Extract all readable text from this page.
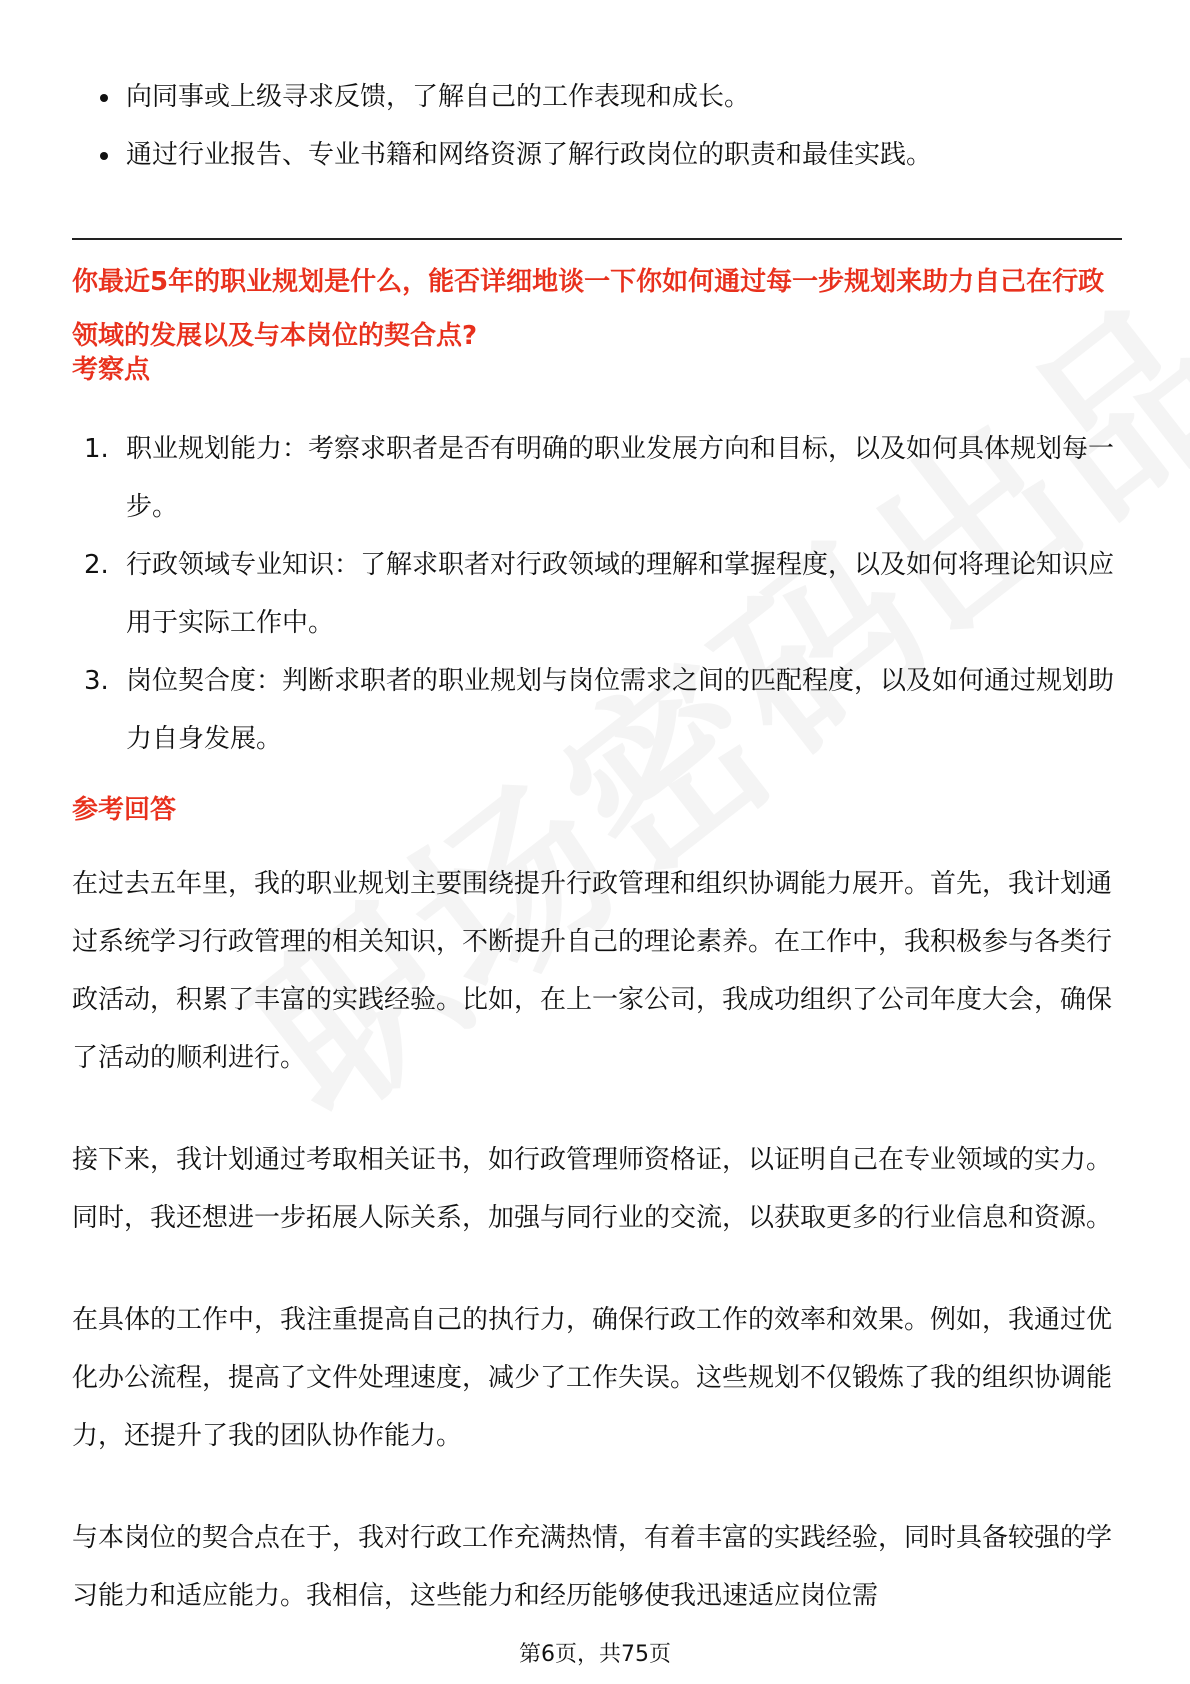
向同事或上级寻求反馈，了解自己的工作表现和成长。
通过行业报告、专业书籍和网络资源了解行政岗位的职责和最佳实践。

你最近5年的职业规划是什么，能否详细地谈一下你如何通过每一步规划来助力自己在行政领域的发展以及与本岗位的契合点?

考察点
1. 职业规划能力：考察求职者是否有明确的职业发展方向和目标，以及如何具体规划每一步。
2. 行政领域专业知识：了解求职者对行政领域的理解和掌握程度，以及如何将理论知识应用于实际工作中。
3. 岗位契合度：判断求职者的职业规划与岗位需求之间的匹配程度，以及如何通过规划助力自身发展。
参考回答

在过去五年里，我的职业规划主要围绕提升行政管理和组织协调能力展开。首先，我计划通过系统学习行政管理的相关知识，不断提升自己的理论素养。在工作中，我积极参与各类行政活动，积累了丰富的实践经验。比如，在上一家公司，我成功组织了公司年度大会，确保了活动的顺利进行。

接下来，我计划通过考取相关证书，如行政管理师资格证，以证明自己在专业领域的实力。同时，我还想进一步拓展人际关系，加强与同行业的交流，以获取更多的行业信息和资源。

在具体的工作中，我注重提高自己的执行力，确保行政工作的效率和效果。例如，我通过优化办公流程，提高了文件处理速度，减少了工作失误。这些规划不仅锻炼了我的组织协调能力，还提升了我的团队协作能力。

与本岗位的契合点在于，我对行政工作充满热情，有着丰富的实践经验，同时具备较强的学习能力和适应能力。我相信，这些能力和经历能够使我迅速适应岗位需

第6页，共75页
